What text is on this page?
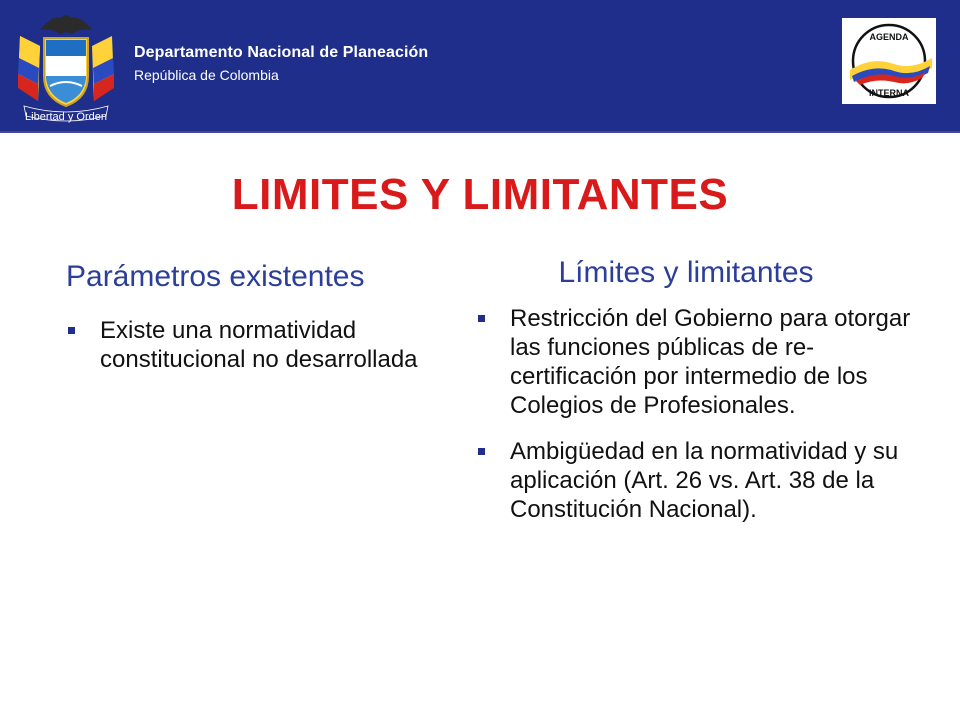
Libertad y Orden
Departamento Nacional de Planeación
República de Colombia
AGENDA
INTERNA
LIMITES Y LIMITANTES
Parámetros existentes
Existe una normatividad constitucional no desarrollada
Límites y limitantes
Restricción del Gobierno para otorgar las funciones públicas de re-certificación por intermedio de los Colegios de Profesionales.
Ambigüedad en la normatividad y su aplicación (Art. 26 vs. Art. 38 de la Constitución Nacional).
